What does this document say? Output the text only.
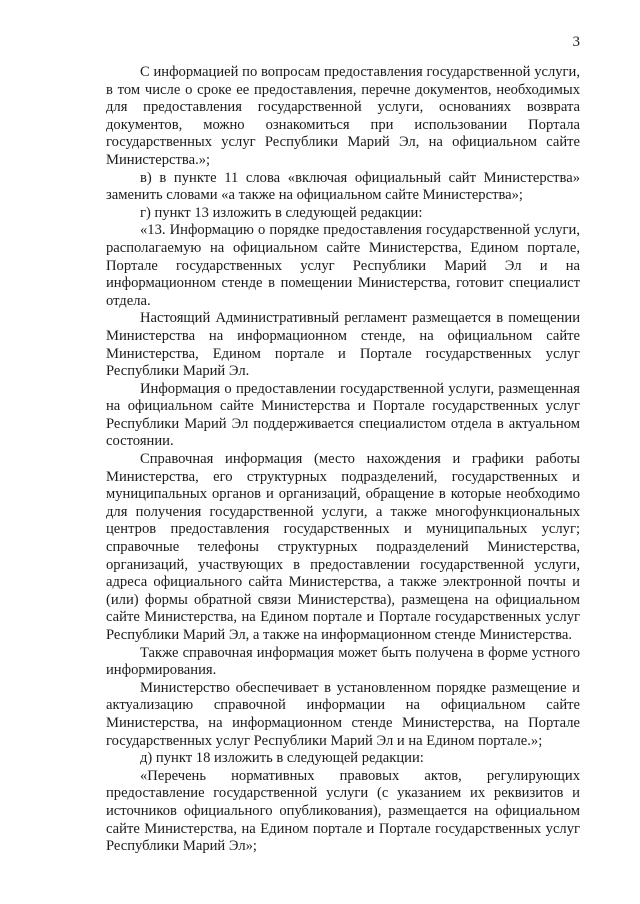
3

С информацией по вопросам предоставления государственной услуги, в том числе о сроке ее предоставления, перечне документов, необходимых для предоставления государственной услуги, основаниях возврата документов, можно ознакомиться при использовании Портала государственных услуг Республики Марий Эл, на официальном сайте Министерства.»;

в) в пункте 11 слова «включая официальный сайт Министерства» заменить словами «а также на официальном сайте Министерства»;

г) пункт 13 изложить в следующей редакции:

«13. Информацию о порядке предоставления государственной услуги, располагаемую на официальном сайте Министерства, Едином портале, Портале государственных услуг Республики Марий Эл и на информационном стенде в помещении Министерства, готовит специалист отдела.

Настоящий Административный регламент размещается в помещении Министерства на информационном стенде, на официальном сайте Министерства, Едином портале и Портале государственных услуг Республики Марий Эл.

Информация о предоставлении государственной услуги, размещенная на официальном сайте Министерства и Портале государственных услуг Республики Марий Эл поддерживается специалистом отдела в актуальном состоянии.

Справочная информация (место нахождения и графики работы Министерства, его структурных подразделений, государственных и муниципальных органов и организаций, обращение в которые необходимо для получения государственной услуги, а также многофункциональных центров предоставления государственных и муниципальных услуг; справочные телефоны структурных подразделений Министерства, организаций, участвующих в предоставлении государственной услуги, адреса официального сайта Министерства, а также электронной почты и (или) формы обратной связи Министерства), размещена на официальном сайте Министерства, на Едином портале и Портале государственных услуг Республики Марий Эл, а также на информационном стенде Министерства.

Также справочная информация может быть получена в форме устного информирования.

Министерство обеспечивает в установленном порядке размещение и актуализацию справочной информации на официальном сайте Министерства, на информационном стенде Министерства, на Портале государственных услуг Республики Марий Эл и на Едином портале.»;

д) пункт 18 изложить в следующей редакции:

«Перечень нормативных правовых актов, регулирующих предоставление государственной услуги (с указанием их реквизитов и источников официального опубликования), размещается на официальном сайте Министерства, на Едином портале и Портале государственных услуг Республики Марий Эл»;
